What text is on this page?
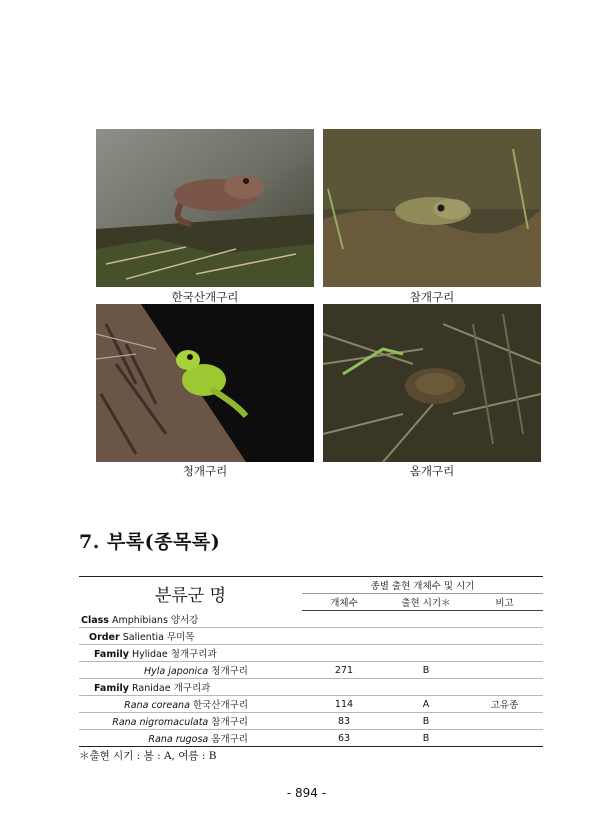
한국산개구리	참개구리
청개구리	옴개구리
7. 부록(종목록)
분류군 명	종별 출현 개체수 및 시기		
	개체수	출현 시기＊	비고
Class Amphibians 양서강			
Order Salientia 무미목			
Family Hylidae 청개구리과			
Hyla japonica 청개구리	271	B	
Family Ranidae 개구리과			
Rana coreana 한국산개구리	114	A	고유종
Rana nigromaculata 참개구리	83	B	
Rana rugosa 옴개구리	63	B	
＊출현 시기 : 봄 : A, 여름 : B
- 894 -
